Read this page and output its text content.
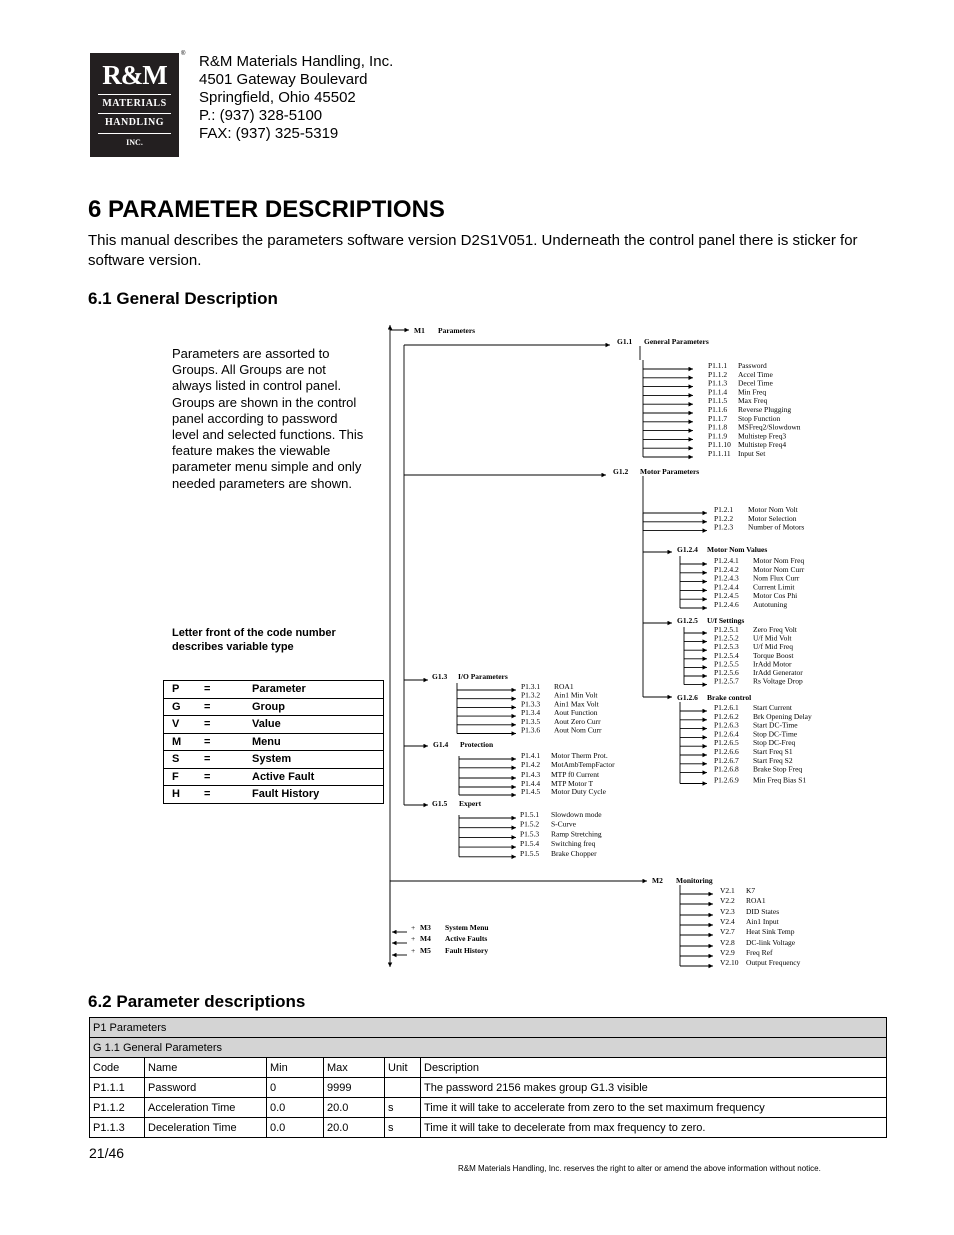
R&M
MATERIALS
HANDLING
INC.
® R&M Materials Handling, Inc.
4501 Gateway Boulevard
Springfield, Ohio 45502
P.: (937) 328-5100
FAX: (937) 325-5319
6 PARAMETER DESCRIPTIONS
This manual describes the parameters software version D2S1V051. Underneath the control panel there is sticker for software version.
6.1 General Description
Parameters are assorted to Groups. All Groups are not always listed in control panel. Groups are shown in the control panel according to password level and selected functions. This feature makes the viewable parameter menu simple and only needed parameters are shown.
Letter front of the code number describes variable type
P	=	Parameter
G	=	Group
V	=	Value
M	=	Menu
S	=	System
F	=	Active Fault
H	=	Fault History
M1 Parameters
G1.1 General Parameters
P1.1.1 Password
P1.1.2 Accel Time
P1.1.3 Decel Time
P1.1.4 Min Freq
P1.1.5 Max Freq
P1.1.6 Reverse Plugging
P1.1.7 Stop Function
P1.1.8 MSFreq2/Slowdown
P1.1.9 Multistep Freq3
P1.1.10 Multistep Freq4
P1.1.11 Input Set
G1.2 Motor Parameters
P1.2.1 Motor Nom Volt
P1.2.2 Motor Selection
P1.2.3 Number of Motors
G1.2.4 Motor Nom Values
P1.2.4.1 Motor Nom Freq
P1.2.4.2 Motor Nom Curr
P1.2.4.3 Nom Flux Curr
P1.2.4.4 Current Limit
P1.2.4.5 Motor Cos Phi
P1.2.4.6 Autotuning
G1.2.5 U/f Settings
P1.2.5.1 Zero Freq Volt
P1.2.5.2 U/f Mid Volt
P1.2.5.3 U/f Mid Freq
P1.2.5.4 Torque Boost
P1.2.5.5 IrAdd Motor
P1.2.5.6 IrAdd Generator
P1.2.5.7 Rs Voltage Drop
G1.2.6 Brake control
P1.2.6.1 Start Current
P1.2.6.2 Brk Opening Delay
P1.2.6.3 Start DC-Time
P1.2.6.4 Stop DC-Time
P1.2.6.5 Stop DC-Freq
P1.2.6.6 Start Freq S1
P1.2.6.7 Start Freq S2
P1.2.6.8 Brake Stop Freq
P1.2.6.9 Min Freq Bias S1
G1.3 I/O Parameters
P1.3.1 ROA1
P1.3.2 Ain1 Min Volt
P1.3.3 Ain1 Max Volt
P1.3.4 Aout Function
P1.3.5 Aout Zero Curr
P1.3.6 Aout Nom Curr
G1.4 Protection
P1.4.1 Motor Therm Prot.
P1.4.2 MotAmbTempFactor
P1.4.3 MTP f0 Current
P1.4.4 MTP Motor T
P1.4.5 Motor Duty Cycle
G1.5 Expert
P1.5.1 Slowdown mode
P1.5.2 S-Curve
P1.5.3 Ramp Stretching
P1.5.4 Switching freq
P1.5.5 Brake Chopper
M2 Monitoring
V2.1 K7
V2.2 ROA1
V2.3 DID States
V2.4 Ain1 Input
V2.7 Heat Sink Temp
V2.8 DC-link Voltage
V2.9 Freq Ref
V2.10 Output Frequency
M3 System Menu
M4 Active Faults
M5 Fault History
+
+
+
6.2 Parameter descriptions
P1 Parameters					
G 1.1 General Parameters					
Code	Name	Min	Max	Unit	Description
P1.1.1	Password	0	9999		The password 2156 makes group G1.3 visible
P1.1.2	Acceleration Time	0.0	20.0	s	Time it will take to accelerate from zero to the set maximum frequency
P1.1.3	Deceleration Time	0.0	20.0	s	Time it will take to decelerate from max frequency to zero.
21/46
R&M Materials Handling, Inc. reserves the right to alter or amend the above information without notice.
